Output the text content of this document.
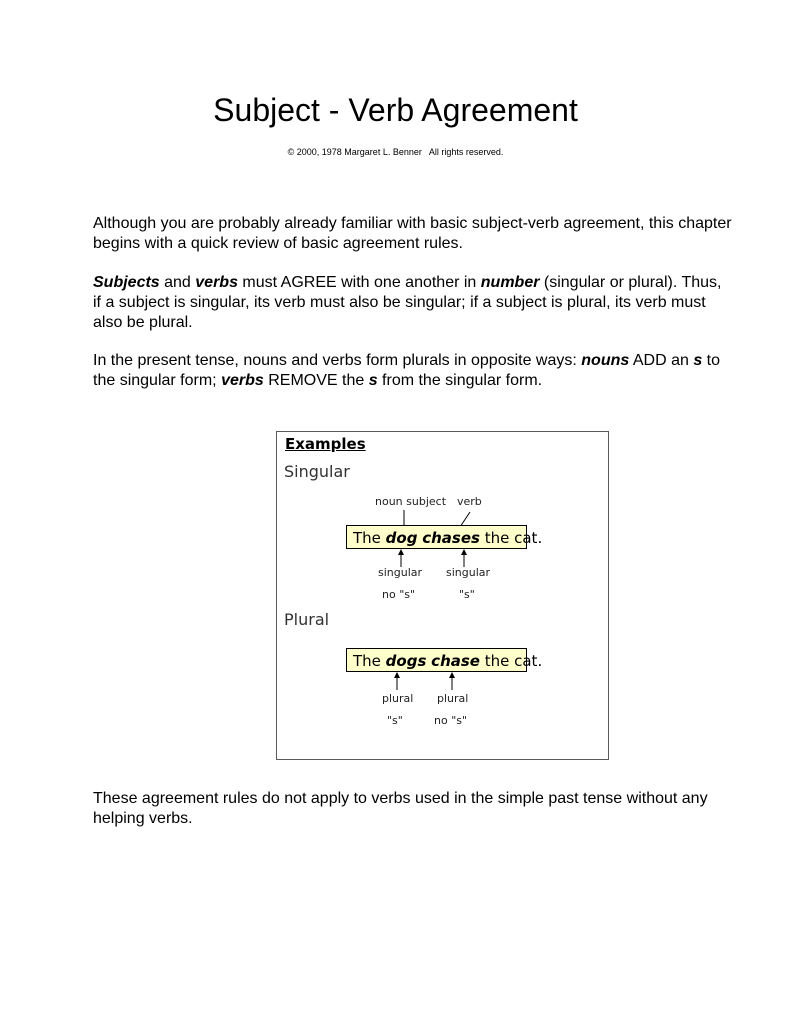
Subject - Verb Agreement
© 2000, 1978 Margaret L. Benner   All rights reserved.

Although you are probably already familiar with basic subject-verb agreement, this chapter begins with a quick review of basic agreement rules.

Subjects and verbs must AGREE with one another in number (singular or plural). Thus, if a subject is singular, its verb must also be singular; if a subject is plural, its verb must also be plural.

In the present tense, nouns and verbs form plurals in opposite ways: nouns ADD an s to the singular form; verbs REMOVE the s from the singular form.

Examples
Singular
noun subject verb
The dog chases the cat.
singular
no "s"
singular
"s"
Plural
The dogs chase the cat.
plural
"s"
plural
no "s"

These agreement rules do not apply to verbs used in the simple past tense without any helping verbs.
